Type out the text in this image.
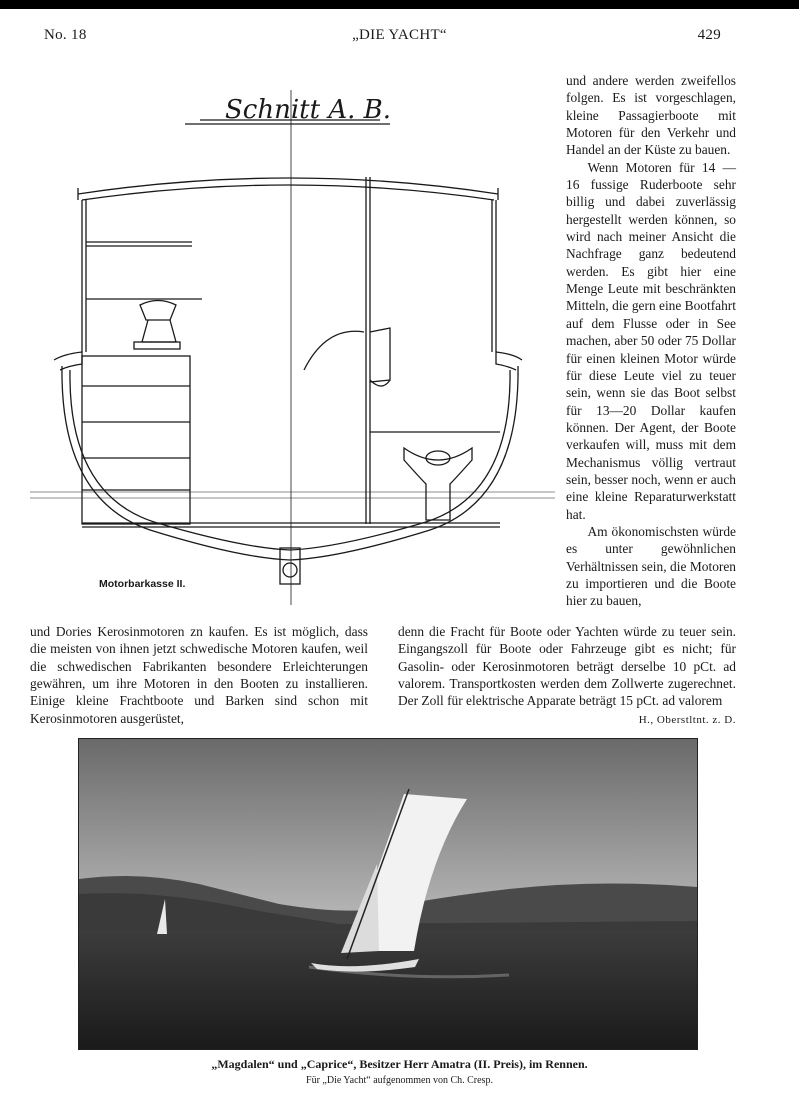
No. 18	„DIE YACHT“	429
Schnitt A. B.
Motorbarkasse II.

und andere werden zweifellos folgen. Es ist vorgeschlagen, kleine Passagierboote mit Motoren für den Verkehr und Handel an der Küste zu bauen.

Wenn Motoren für 14 — 16 fussige Ruderboote sehr billig und dabei zuverlässig hergestellt werden können, so wird nach meiner Ansicht die Nachfrage ganz bedeutend werden. Es gibt hier eine Menge Leute mit beschränkten Mitteln, die gern eine Bootfahrt auf dem Flusse oder in See machen, aber 50 oder 75 Dollar für einen kleinen Motor würde für diese Leute viel zu teuer sein, wenn sie das Boot selbst für 13—20 Dollar kaufen können. Der Agent, der Boote verkaufen will, muss mit dem Mechanismus völlig vertraut sein, besser noch, wenn er auch eine kleine Reparaturwerkstatt hat.

Am ökonomischsten würde es unter gewöhnlichen Verhältnissen sein, die Motoren zu importieren und die Boote hier zu bauen,

und Dories Kerosinmotoren zn kaufen. Es ist möglich, dass die meisten von ihnen jetzt schwedische Motoren kaufen, weil die schwedischen Fabrikanten besondere Erleichterungen gewähren, um ihre Motoren in den Booten zu installieren. Einige kleine Frachtboote und Barken sind schon mit Kerosinmotoren ausgerüstet,

denn die Fracht für Boote oder Yachten würde zu teuer sein. Eingangszoll für Boote oder Fahrzeuge gibt es nicht; für Gasolin- oder Kerosinmotoren beträgt derselbe 10 pCt. ad valorem. Transportkosten werden dem Zollwerte zugerechnet. Der Zoll für elektrische Apparate beträgt 15 pCt. ad valorem
H., Oberstltnt. z. D.

„Magdalen“ und „Caprice“, Besitzer Herr Amatra (II. Preis), im Rennen.
Für „Die Yacht“ aufgenommen von Ch. Cresp.
